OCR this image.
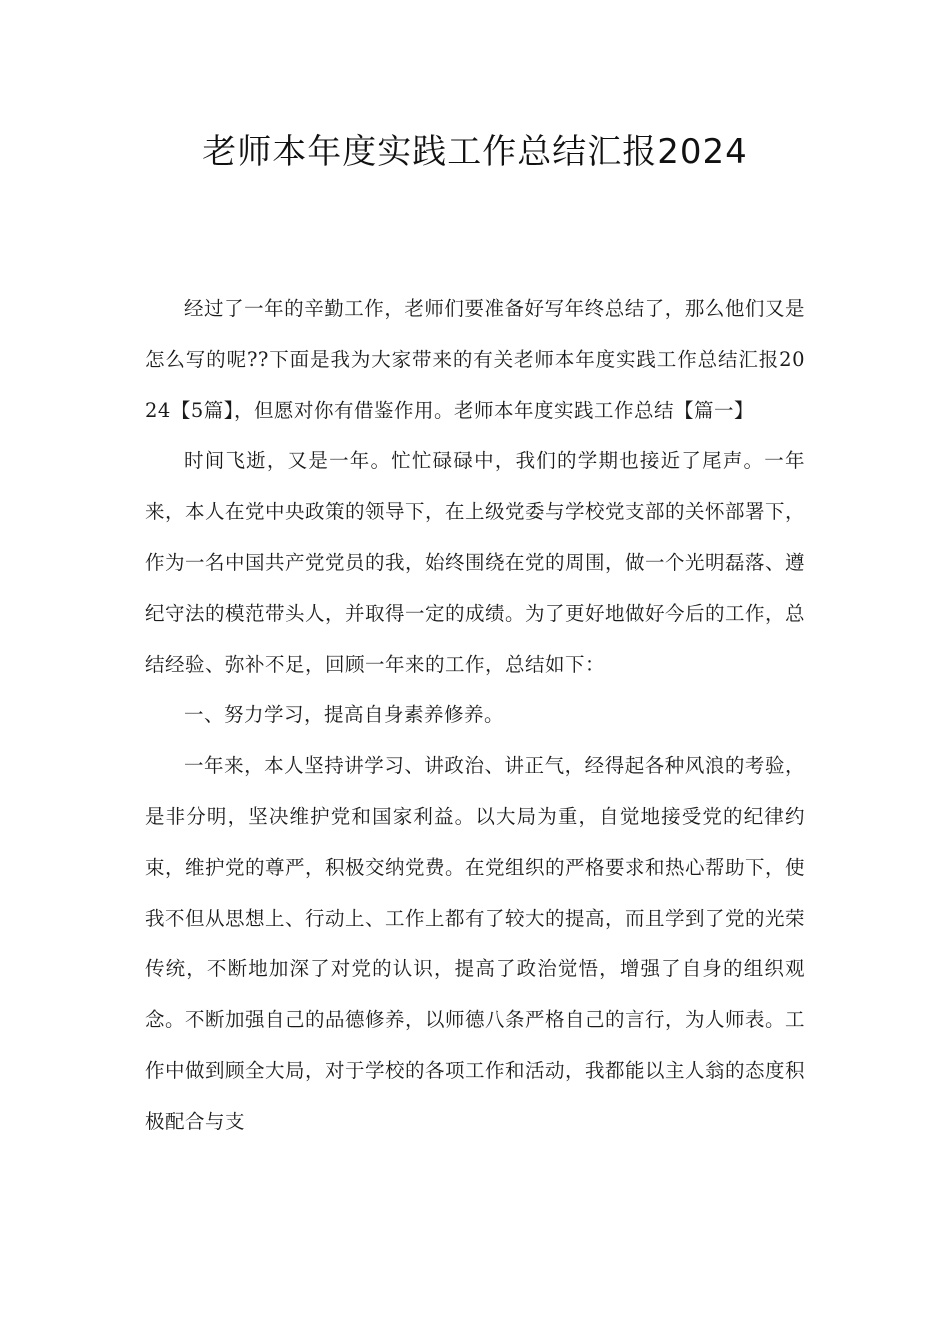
老师本年度实践工作总结汇报2024

经过了一年的辛勤工作，老师们要准备好写年终总结了，那么他们又是怎么写的呢??下面是我为大家带来的有关老师本年度实践工作总结汇报2024【5篇】，但愿对你有借鉴作用。老师本年度实践工作总结【篇一】

时间飞逝，又是一年。忙忙碌碌中，我们的学期也接近了尾声。一年来，本人在党中央政策的领导下，在上级党委与学校党支部的关怀部署下，作为一名中国共产党党员的我，始终围绕在党的周围，做一个光明磊落、遵纪守法的模范带头人，并取得一定的成绩。为了更好地做好今后的工作，总结经验、弥补不足，回顾一年来的工作，总结如下：

一、努力学习，提高自身素养修养。

一年来，本人坚持讲学习、讲政治、讲正气，经得起各种风浪的考验，是非分明，坚决维护党和国家利益。以大局为重，自觉地接受党的纪律约束，维护党的尊严，积极交纳党费。在党组织的严格要求和热心帮助下，使我不但从思想上、行动上、工作上都有了较大的提高，而且学到了党的光荣传统，不断地加深了对党的认识，提高了政治觉悟，增强了自身的组织观念。不断加强自己的品德修养，以师德八条严格自己的言行，为人师表。工作中做到顾全大局，对于学校的各项工作和活动，我都能以主人翁的态度积极配合与支
